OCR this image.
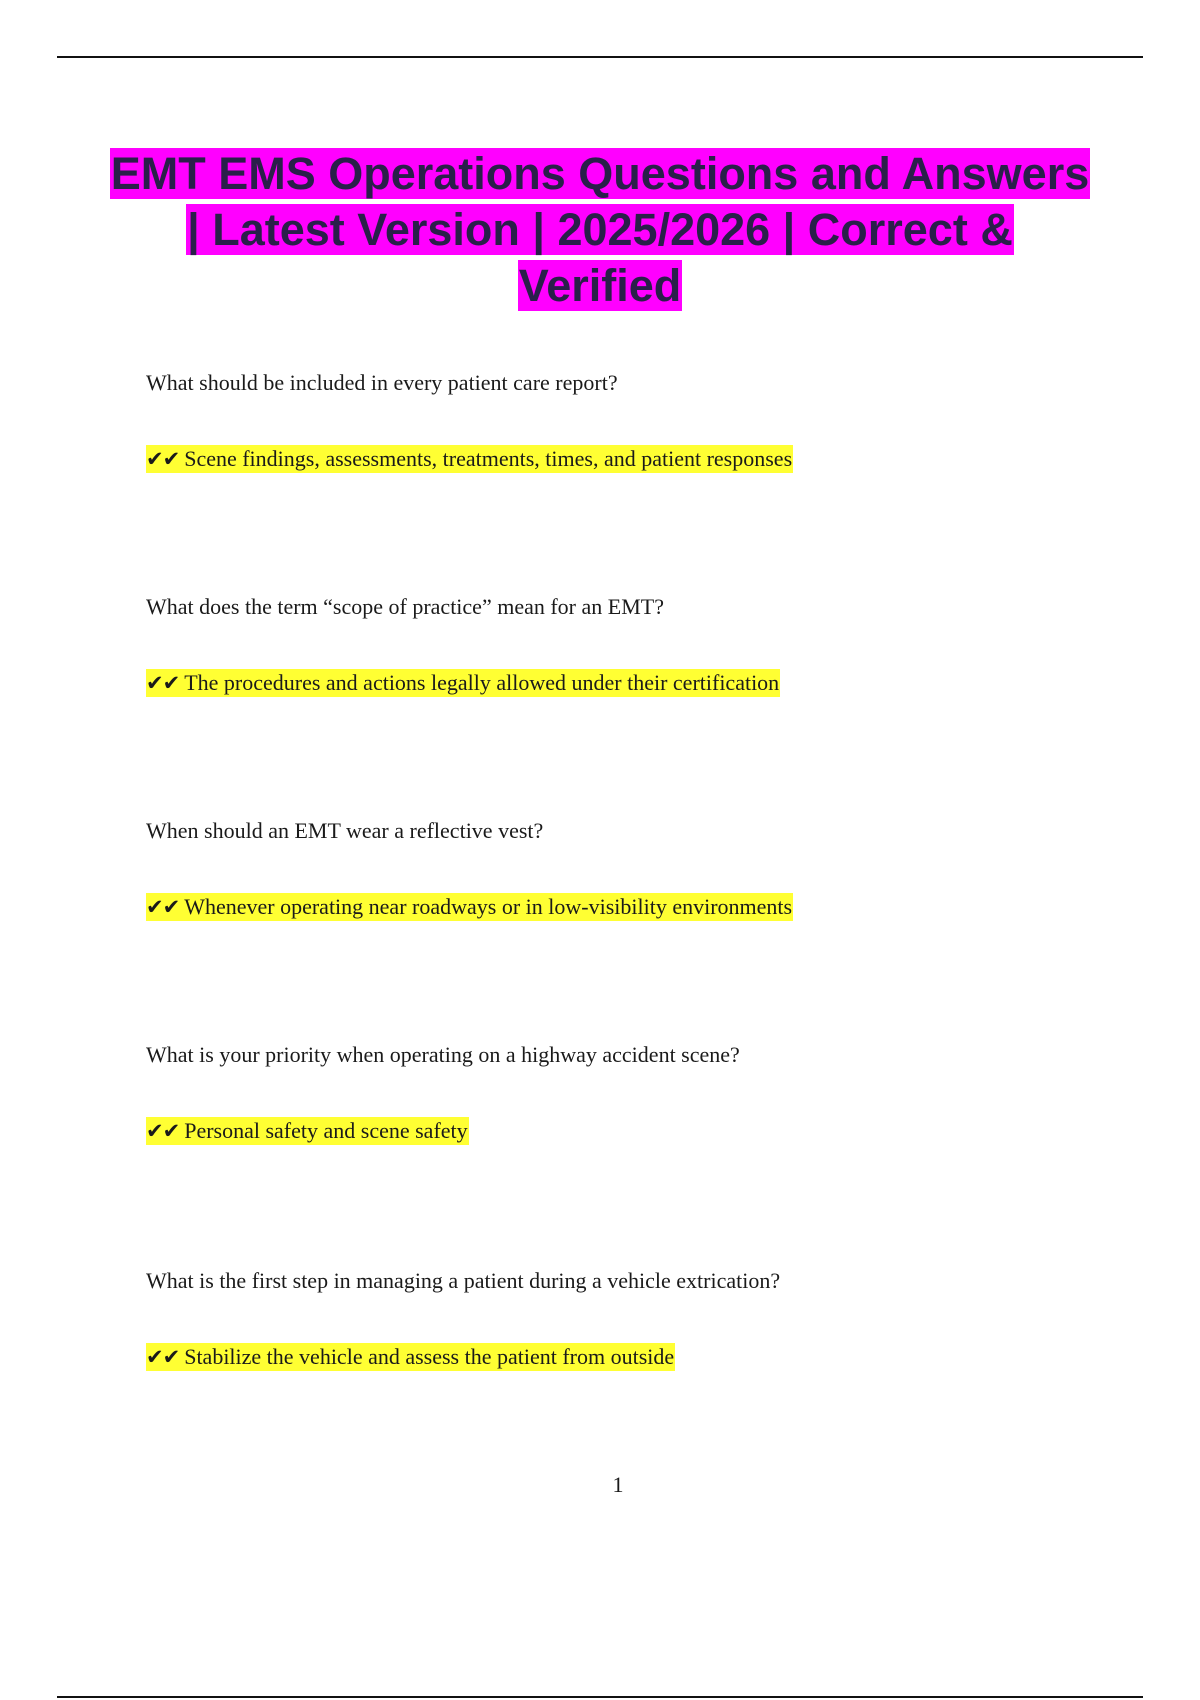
EMT EMS Operations Questions and Answers | Latest Version | 2025/2026 | Correct & Verified
What should be included in every patient care report?
✔✔ Scene findings, assessments, treatments, times, and patient responses
What does the term “scope of practice” mean for an EMT?
✔✔ The procedures and actions legally allowed under their certification
When should an EMT wear a reflective vest?
✔✔ Whenever operating near roadways or in low-visibility environments
What is your priority when operating on a highway accident scene?
✔✔ Personal safety and scene safety
What is the first step in managing a patient during a vehicle extrication?
✔✔ Stabilize the vehicle and assess the patient from outside
1
